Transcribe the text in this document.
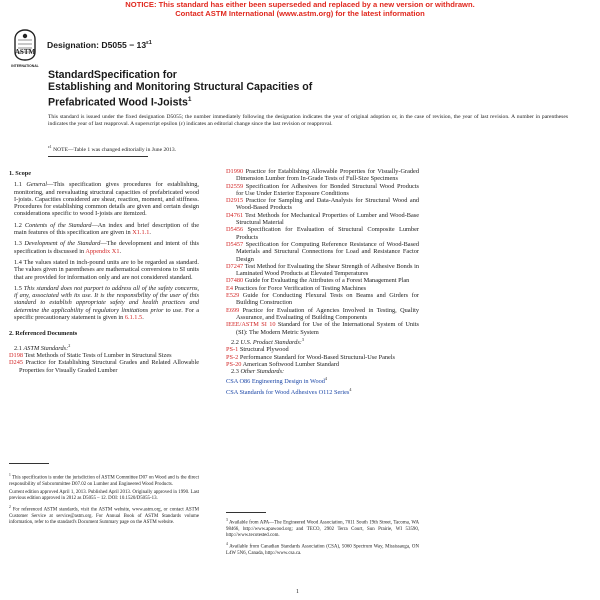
NOTICE: This standard has either been superseded and replaced by a new version or withdrawn.
Contact ASTM International (www.astm.org) for the latest information
ASTM
INTERNATIONAL
Designation: $D5055 - 13^{\varepsilon 1}$
StandardSpecification for
Establishing and Monitoring Structural Capacities of
Prefabricated Wood I-Joists$^1$
This standard is issued under the fixed designation D5055; the number immediately following the designation indicates the year of original adoption or, in the case of revision, the year of last revision. A number in parentheses indicates the year of last reapproval. A superscript epsilon (ε) indicates an editorial change since the last revision or reapproval.
$^{\varepsilon 1}$ NOTE—Table 1 was changed editorially in June 2013.
1. Scope

1.1 General—This specification gives procedures for establishing, monitoring, and reevaluating structural capacities of prefabricated wood I-joists. Capacities considered are shear, reaction, moment, and stiffness. Procedures for establishing common details are given and certain design considerations specific to wood I-joists are itemized.

1.2 Contents of the Standard—An index and brief description of the main features of this specification are given in X1.1.1.

1.3 Development of the Standard—The development and intent of this specification is discussed in Appendix X1.

1.4 The values stated in inch-pound units are to be regarded as standard. The values given in parentheses are mathematical conversions to SI units that are provided for information only and are not considered standard.

1.5 This standard does not purport to address all of the safety concerns, if any, associated with its use. It is the responsibility of the user of this standard to establish appropriate safety and health practices and determine the applicability of regulatory limitations prior to use. For a specific precautionary statement is given in 6.1.1.5.

2. Referenced Documents

2.1 ASTM Standards:$^2$

D198 Test Methods of Static Tests of Lumber in Structural Sizes

D245 Practice for Establishing Structural Grades and Related Allowable Properties for Visually Graded Lumber

D1990 Practice for Establishing Allowable Properties for Visually-Graded Dimension Lumber from In-Grade Tests of Full-Size Specimens

D2559 Specification for Adhesives for Bonded Structural Wood Products for Use Under Exterior Exposure Conditions

D2915 Practice for Sampling and Data-Analysis for Structural Wood and Wood-Based Products

D4761 Test Methods for Mechanical Properties of Lumber and Wood-Base Structural Material

D5456 Specification for Evaluation of Structural Composite Lumber Products

D5457 Specification for Computing Reference Resistance of Wood-Based Materials and Structural Connections for Load and Resistance Factor Design

D7247 Test Method for Evaluating the Shear Strength of Adhesive Bonds in Laminated Wood Products at Elevated Temperatures

D7480 Guide for Evaluating the Attributes of a Forest Management Plan

E4 Practices for Force Verification of Testing Machines

E529 Guide for Conducting Flexural Tests on Beams and Girders for Building Construction

E699 Practice for Evaluation of Agencies Involved in Testing, Quality Assurance, and Evaluating of Building Components

IEEE/ASTM SI 10 Standard for Use of the International System of Units (SI): The Modern Metric System

2.2 U.S. Product Standards:$^3$

PS-1 Structural Plywood

PS-2 Performance Standard for Wood-Based Structural-Use Panels

PS-20 American Softwood Lumber Standard

2.3 Other Standards:

CSA O86 Engineering Design in Wood$^4$

CSA Standards for Wood Adhesives O112 Series$^4$

$^1$ This specification is under the jurisdiction of ASTM Committee D07 on Wood and is the direct responsibility of Subcommittee D07.02 on Lumber and Engineered Wood Products.

Current edition approved April 1, 2013. Published April 2013. Originally approved in 1990. Last previous edition approved in 2012 as D5055 – 12. DOI: 10.1520/D5055-13.

$^2$ For referenced ASTM standards, visit the ASTM website, www.astm.org, or contact ASTM Customer Service at service@astm.org. For Annual Book of ASTM Standards volume information, refer to the standard's Document Summary page on the ASTM website.	$^3$ Available from APA—The Engineered Wood Association, 7011 South 19th Street, Tacoma, WA 98466, http://www.apawood.org; and TECO, 2902 Terra Court, Sun Prairie, WI 53590, http://www.tecotested.com.

$^4$ Available from Canadian Standards Association (CSA), 5060 Spectrum Way, Mississauga, ON L4W 5N6, Canada, http://www.csa.ca.

1
